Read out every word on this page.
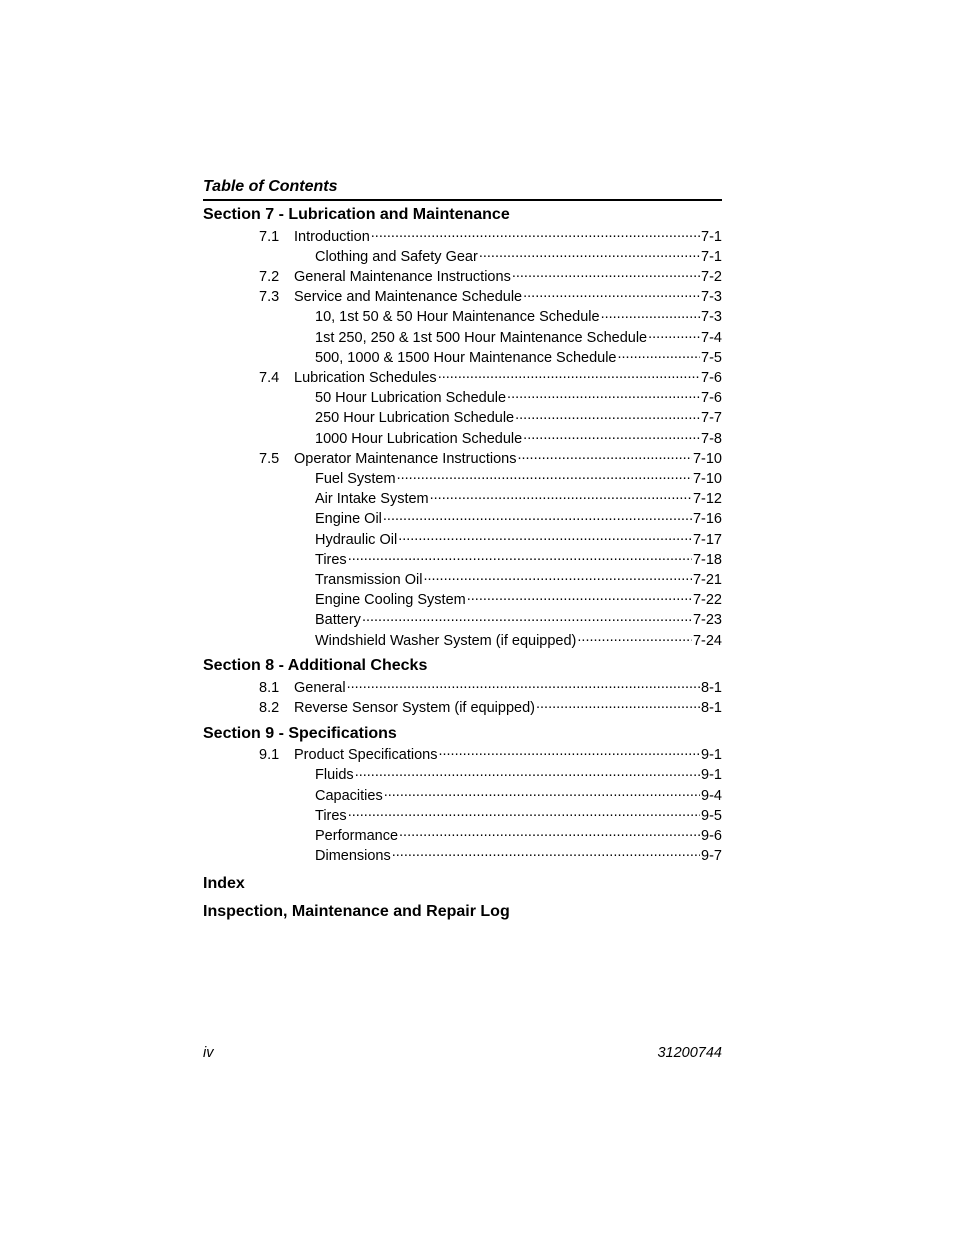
Table of Contents
Section 7 - Lubrication and Maintenance
7.1	Introduction .....	7-1
Clothing and Safety Gear .....	7-1
7.2	General Maintenance Instructions .....	7-2
7.3	Service and Maintenance Schedule .....	7-3
10, 1st 50 & 50 Hour Maintenance Schedule .....	7-3
1st 250, 250 & 1st 500 Hour Maintenance Schedule .....	7-4
500, 1000 & 1500 Hour Maintenance Schedule .....	7-5
7.4	Lubrication Schedules .....	7-6
50 Hour Lubrication Schedule .....	7-6
250 Hour Lubrication Schedule .....	7-7
1000 Hour Lubrication Schedule .....	7-8
7.5	Operator Maintenance Instructions .....	7-10
Fuel System .....	7-10
Air Intake System .....	7-12
Engine Oil .....	7-16
Hydraulic Oil .....	7-17
Tires .....	7-18
Transmission Oil .....	7-21
Engine Cooling System .....	7-22
Battery .....	7-23
Windshield Washer System (if equipped) .....	7-24
Section 8 - Additional Checks
8.1	General .....	8-1
8.2	Reverse Sensor System (if equipped) .....	8-1
Section 9 - Specifications
9.1	Product Specifications .....	9-1
Fluids .....	9-1
Capacities .....	9-4
Tires .....	9-5
Performance .....	9-6
Dimensions .....	9-7
Index
Inspection, Maintenance and Repair Log
iv	31200744
